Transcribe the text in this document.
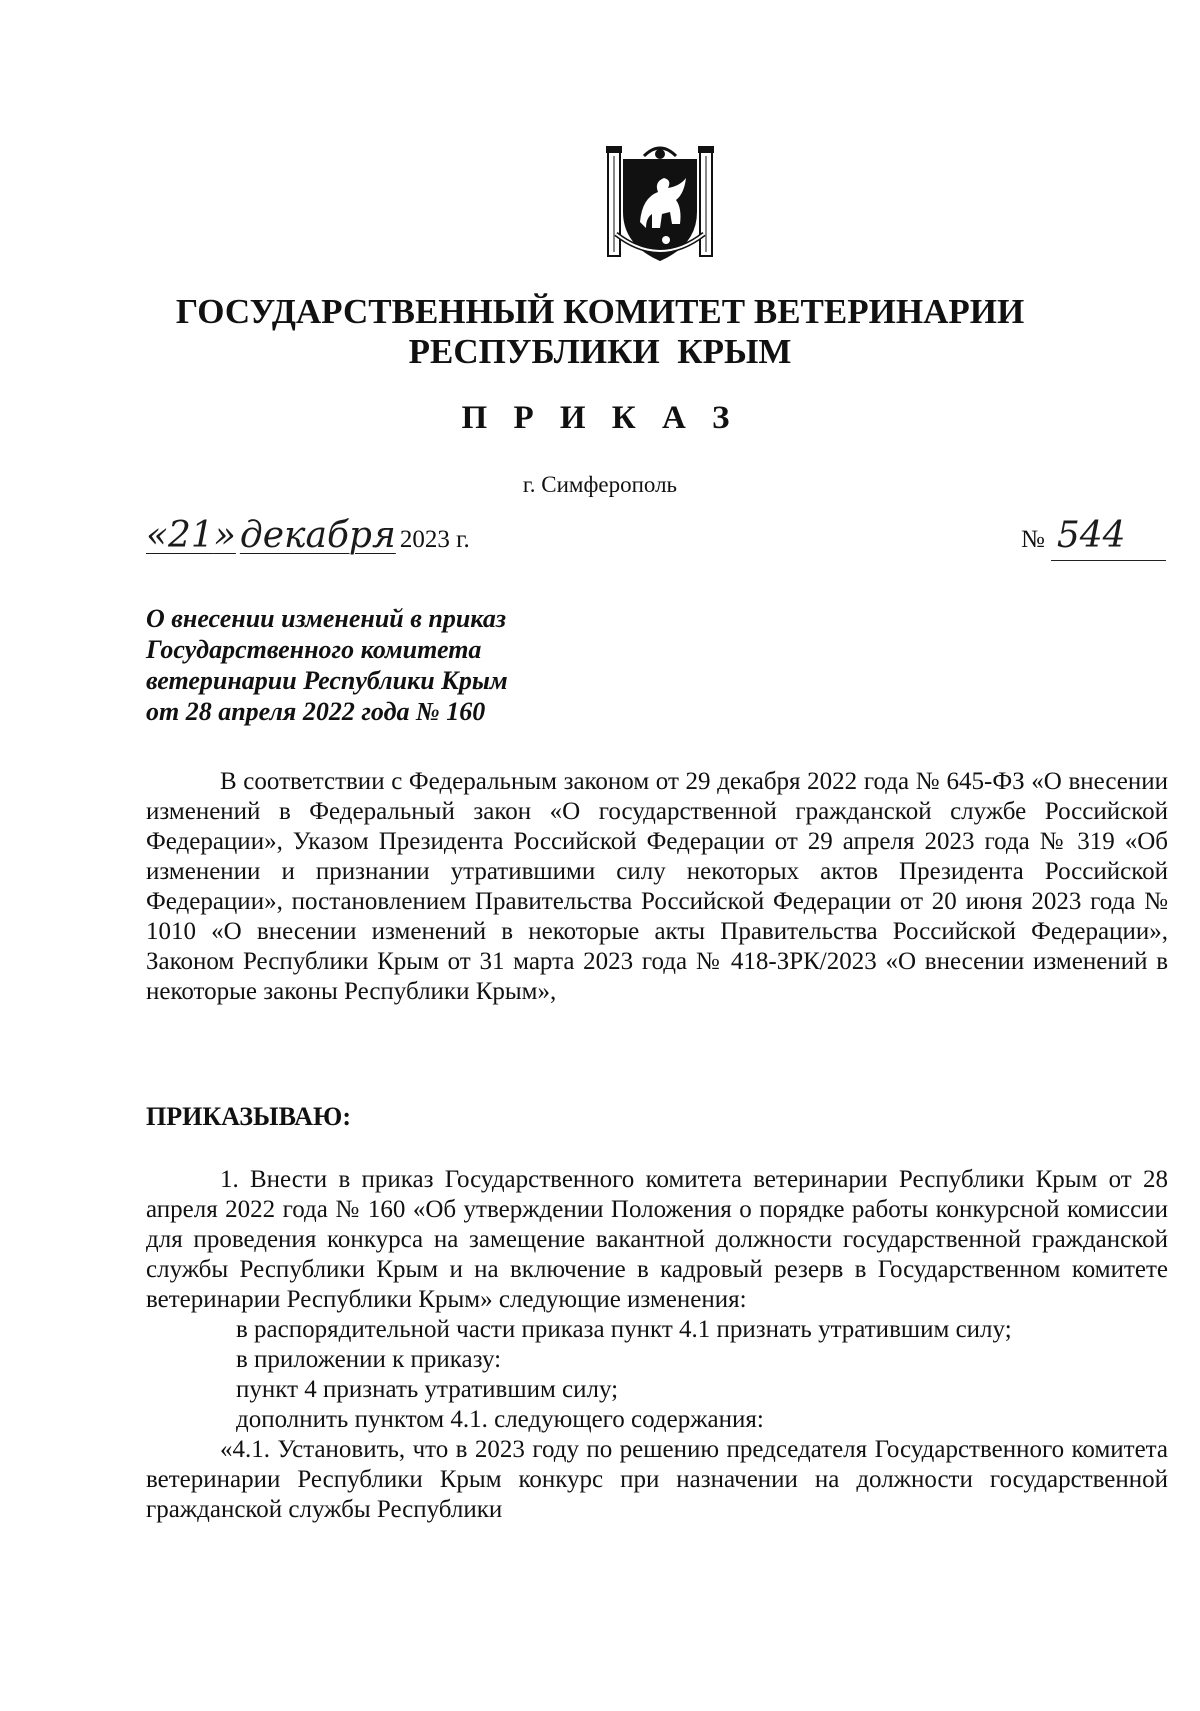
ГОСУДАРСТВЕННЫЙ КОМИТЕТ ВЕТЕРИНАРИИ
РЕСПУБЛИКИ  КРЫМ
П Р И К А З
г. Симферополь
«21» декабря 2023 г.	№ 544
О внесении изменений в приказ
Государственного комитета
ветеринарии Республики Крым
от 28 апреля 2022 года № 160

В соответствии с Федеральным законом от 29 декабря 2022 года № 645-ФЗ «О внесении изменений в Федеральный закон «О государственной гражданской службе Российской Федерации», Указом Президента Российской Федерации от 29 апреля 2023 года № 319 «Об изменении и признании утратившими силу некоторых актов Президента Российской Федерации», постановлением Правительства Российской Федерации от 20 июня 2023 года № 1010 «О внесении изменений в некоторые акты Правительства Российской Федерации», Законом Республики Крым от 31 марта 2023 года № 418-ЗРК/2023 «О внесении изменений в некоторые законы Республики Крым»,

ПРИКАЗЫВАЮ:

1. Внести в приказ Государственного комитета ветеринарии Республики Крым от 28 апреля 2022 года № 160 «Об утверждении Положения о порядке работы конкурсной комиссии для проведения конкурса на замещение вакантной должности государственной гражданской службы Республики Крым и на включение в кадровый резерв в Государственном комитете ветеринарии Республики Крым» следующие изменения:

в распорядительной части приказа пункт 4.1 признать утратившим силу;

в приложении к приказу:

пункт 4 признать утратившим силу;

дополнить пунктом 4.1. следующего содержания:

«4.1. Установить, что в 2023 году по решению председателя Государственного комитета ветеринарии Республики Крым конкурс при назначении на должности государственной гражданской службы Республики
